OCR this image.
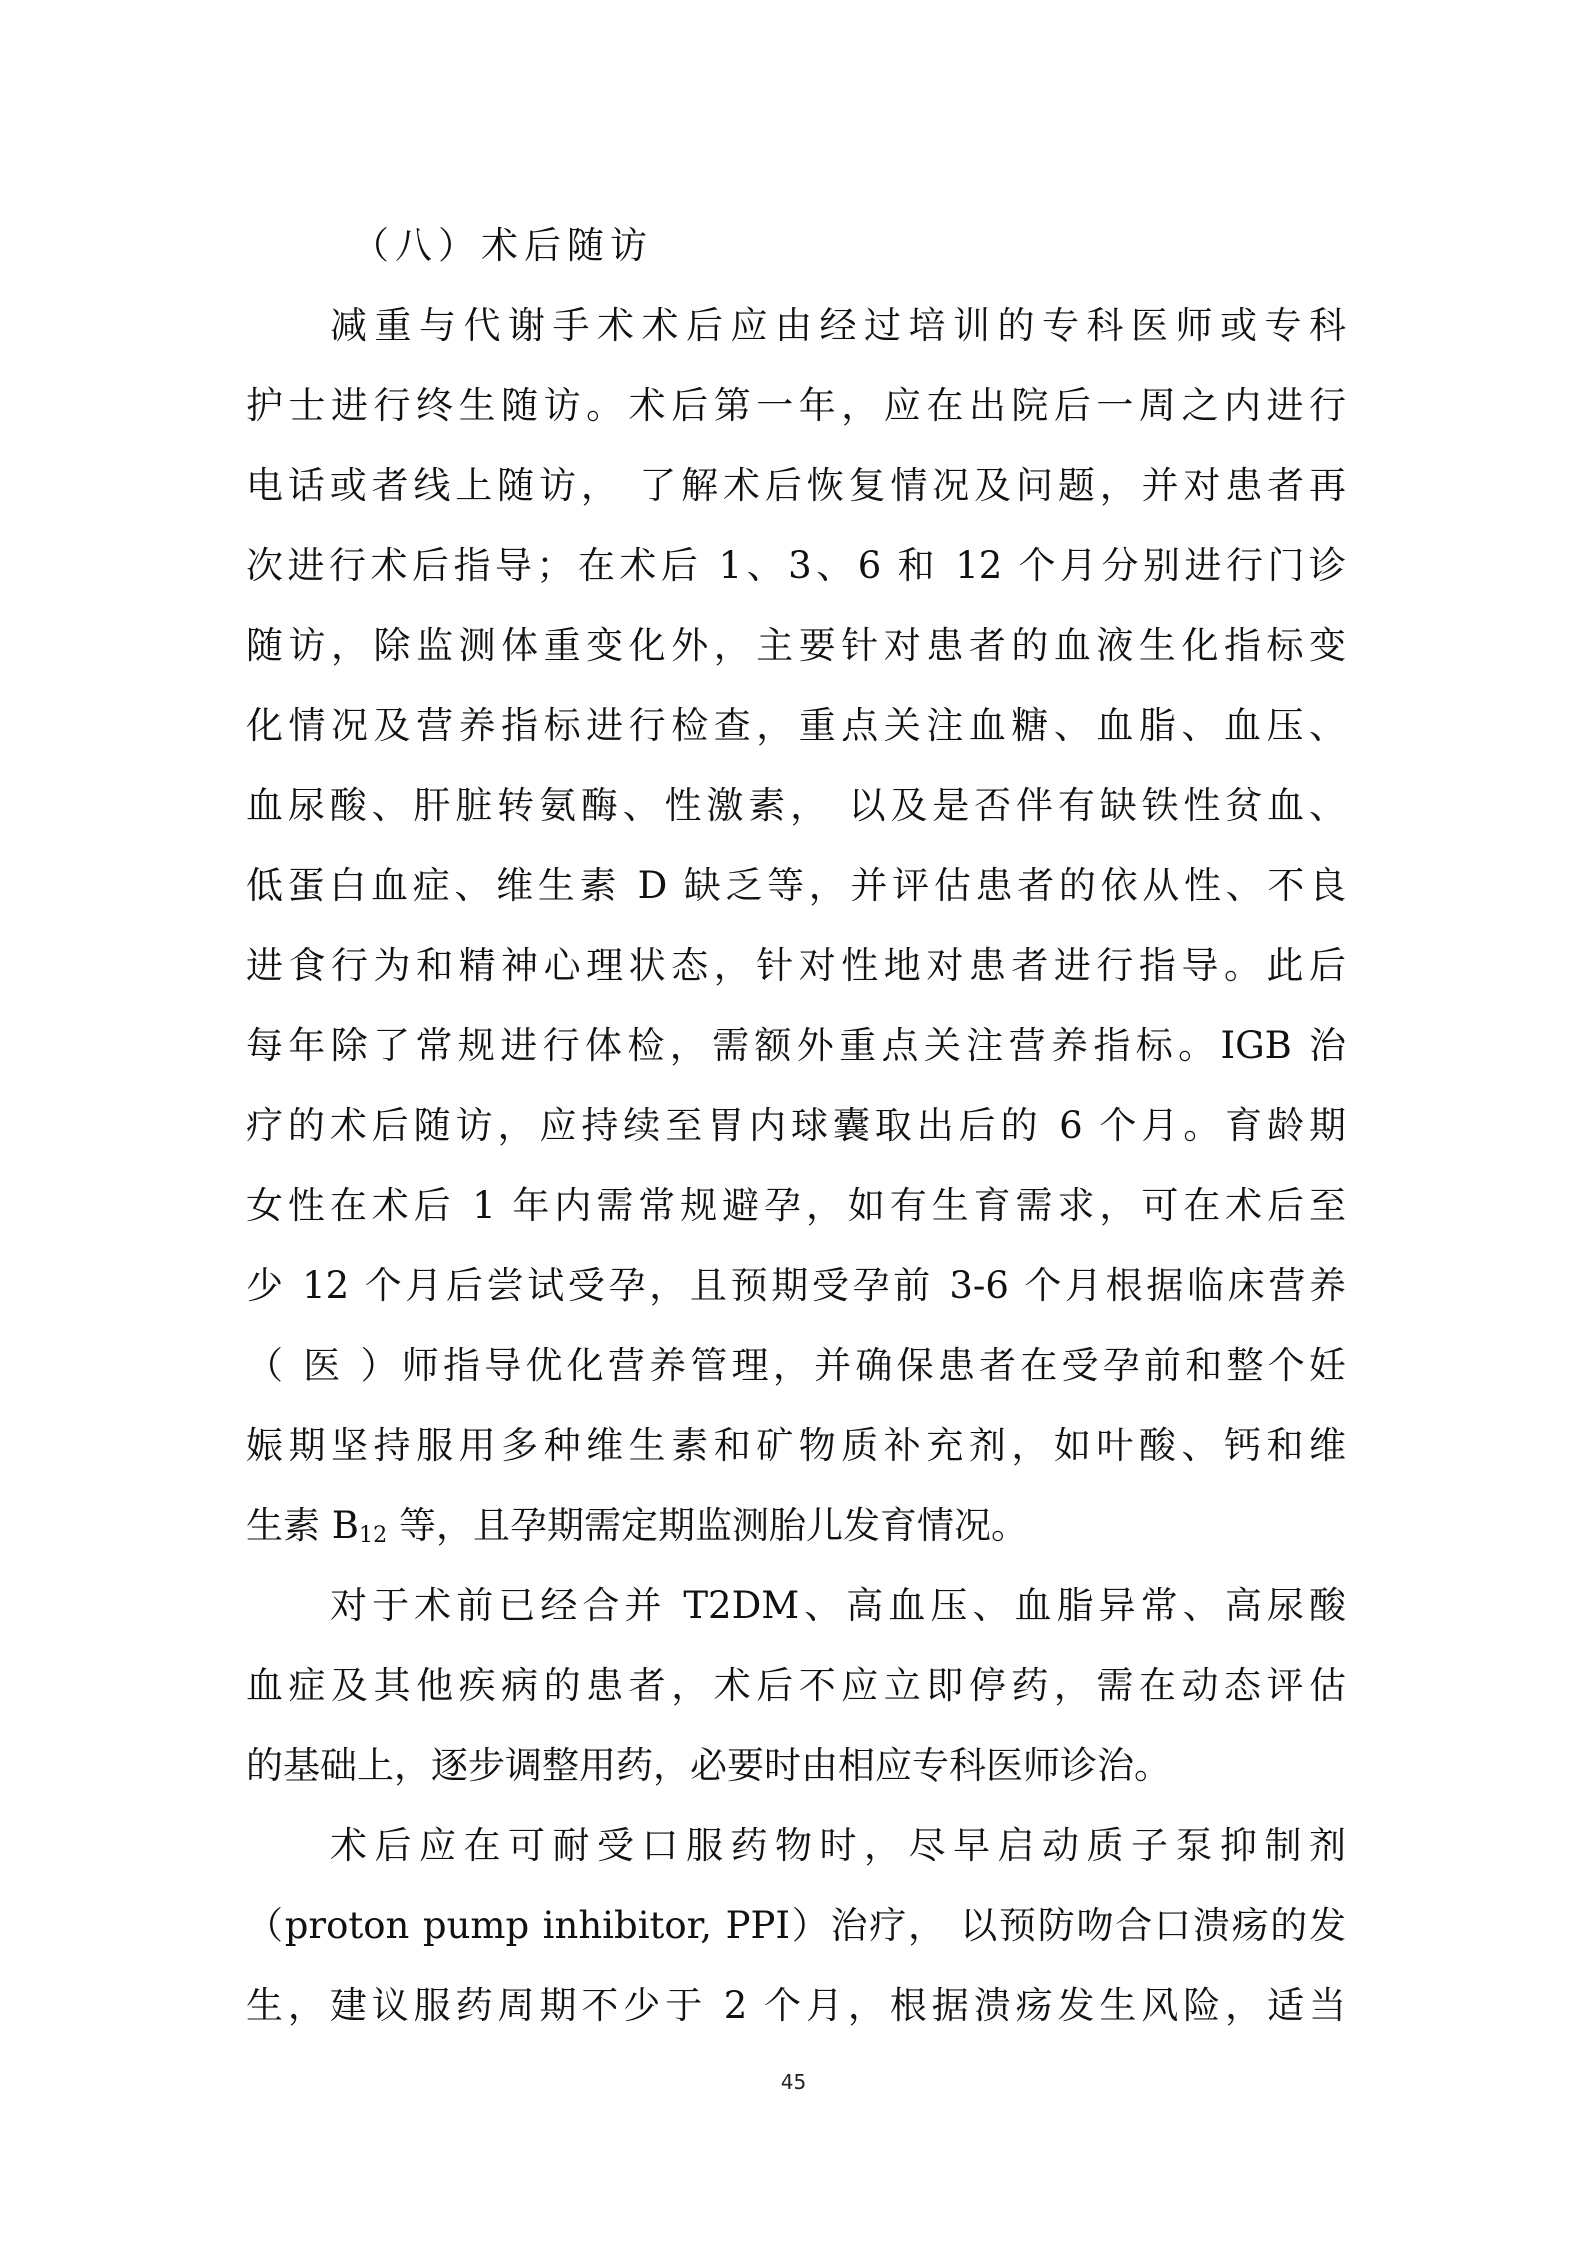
（八）术后随访
减重与代谢手术术后应由经过培训的专科医师或专科
护士进行终生随访。术后第一年，应在出院后一周之内进行
电话或者线上随访， 了解术后恢复情况及问题，并对患者再
次进行术后指导；在术后 1、3、6 和 12 个月分别进行门诊
随访，除监测体重变化外，主要针对患者的血液生化指标变
化情况及营养指标进行检查，重点关注血糖、血脂、血压、
血尿酸、肝脏转氨酶、性激素， 以及是否伴有缺铁性贫血、
低蛋白血症、维生素 D 缺乏等，并评估患者的依从性、不良
进食行为和精神心理状态，针对性地对患者进行指导。此后
每年除了常规进行体检，需额外重点关注营养指标。IGB 治
疗的术后随访，应持续至胃内球囊取出后的 6 个月。育龄期
女性在术后 1 年内需常规避孕，如有生育需求，可在术后至
少 12 个月后尝试受孕，且预期受孕前 3-6 个月根据临床营养
（ 医 ）师指导优化营养管理，并确保患者在受孕前和整个妊
娠期坚持服用多种维生素和矿物质补充剂，如叶酸、钙和维
生素 $B_{12}$ 等，且孕期需定期监测胎儿发育情况。
对于术前已经合并 T2DM、高血压、血脂异常、高尿酸
血症及其他疾病的患者，术后不应立即停药，需在动态评估
的基础上，逐步调整用药，必要时由相应专科医师诊治。
术后应在可耐受口服药物时，尽早启动质子泵抑制剂
（proton pump inhibitor, PPI）治疗， 以预防吻合口溃疡的发
生，建议服药周期不少于 2 个月，根据溃疡发生风险，适当
45
